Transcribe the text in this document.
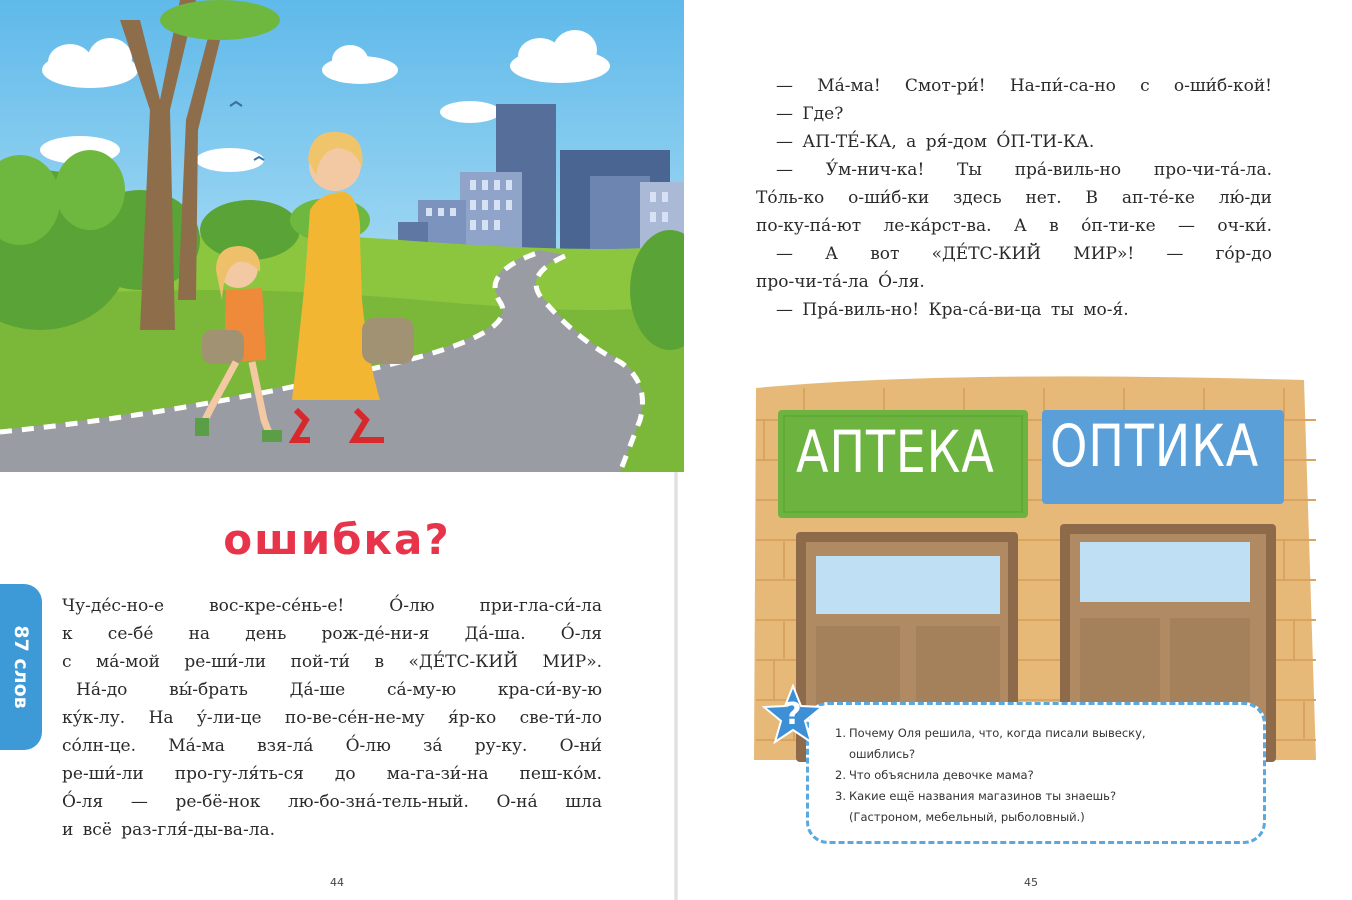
ошибка?
87 слов

Чу-де́с-но-е вос-кре-се́нь-е! О́-лю при-гла-си́-ла

к се-бе́ на день рож-де́-ни-я Да́-ша. О́-ля

с ма́-мой ре-ши́-ли пой-ти́ в «ДЕ́ТС-КИЙ МИР».

На́-до вы́-брать Да́-ше са́-му-ю кра-си́-ву-ю

ку́к-лу. На у́-ли-це по-ве-се́н-не-му я́р-ко све-ти́-ло

со́лн-це. Ма́-ма взя-ла́ О́-лю за́ ру-ку. О-ни́

ре-ши́-ли про-гу-ля́ть-ся до ма-га-зи́-на пеш-ко́м.

О́-ля — ре-бё-нок лю-бо-зна́-тель-ный. О-на́ шла

и всё раз-гля́-ды-ва-ла.

44

— Ма́-ма! Смот-ри́! На-пи́-са-но с о-ши́б-кой!

— Где?

— АП-ТЕ́-КА, а ря́-дом О́П-ТИ-КА.

— У́м-нич-ка! Ты пра́-виль-но про-чи-та́-ла.

То́ль-ко о-ши́б-ки здесь нет. В ап-те́-ке лю́-ди

по-ку-па́-ют ле-ка́рст-ва. А в о́п-ти-ке — оч-ки́.

— А вот «ДЕ́ТС-КИЙ МИР»! — го́р-до

про-чи-та́-ла О́-ля.

— Пра́-виль-но! Кра-са́-ви-ца ты мо-я́.

АПТЕКА ОПТИКА
1. Почему Оля решила, что, когда писали вывеску,
ошиблись?
2. Что объяснила девочке мама?
3. Какие ещё названия магазинов ты знаешь?
(Гастроном, мебельный, рыболовный.)
?
45
